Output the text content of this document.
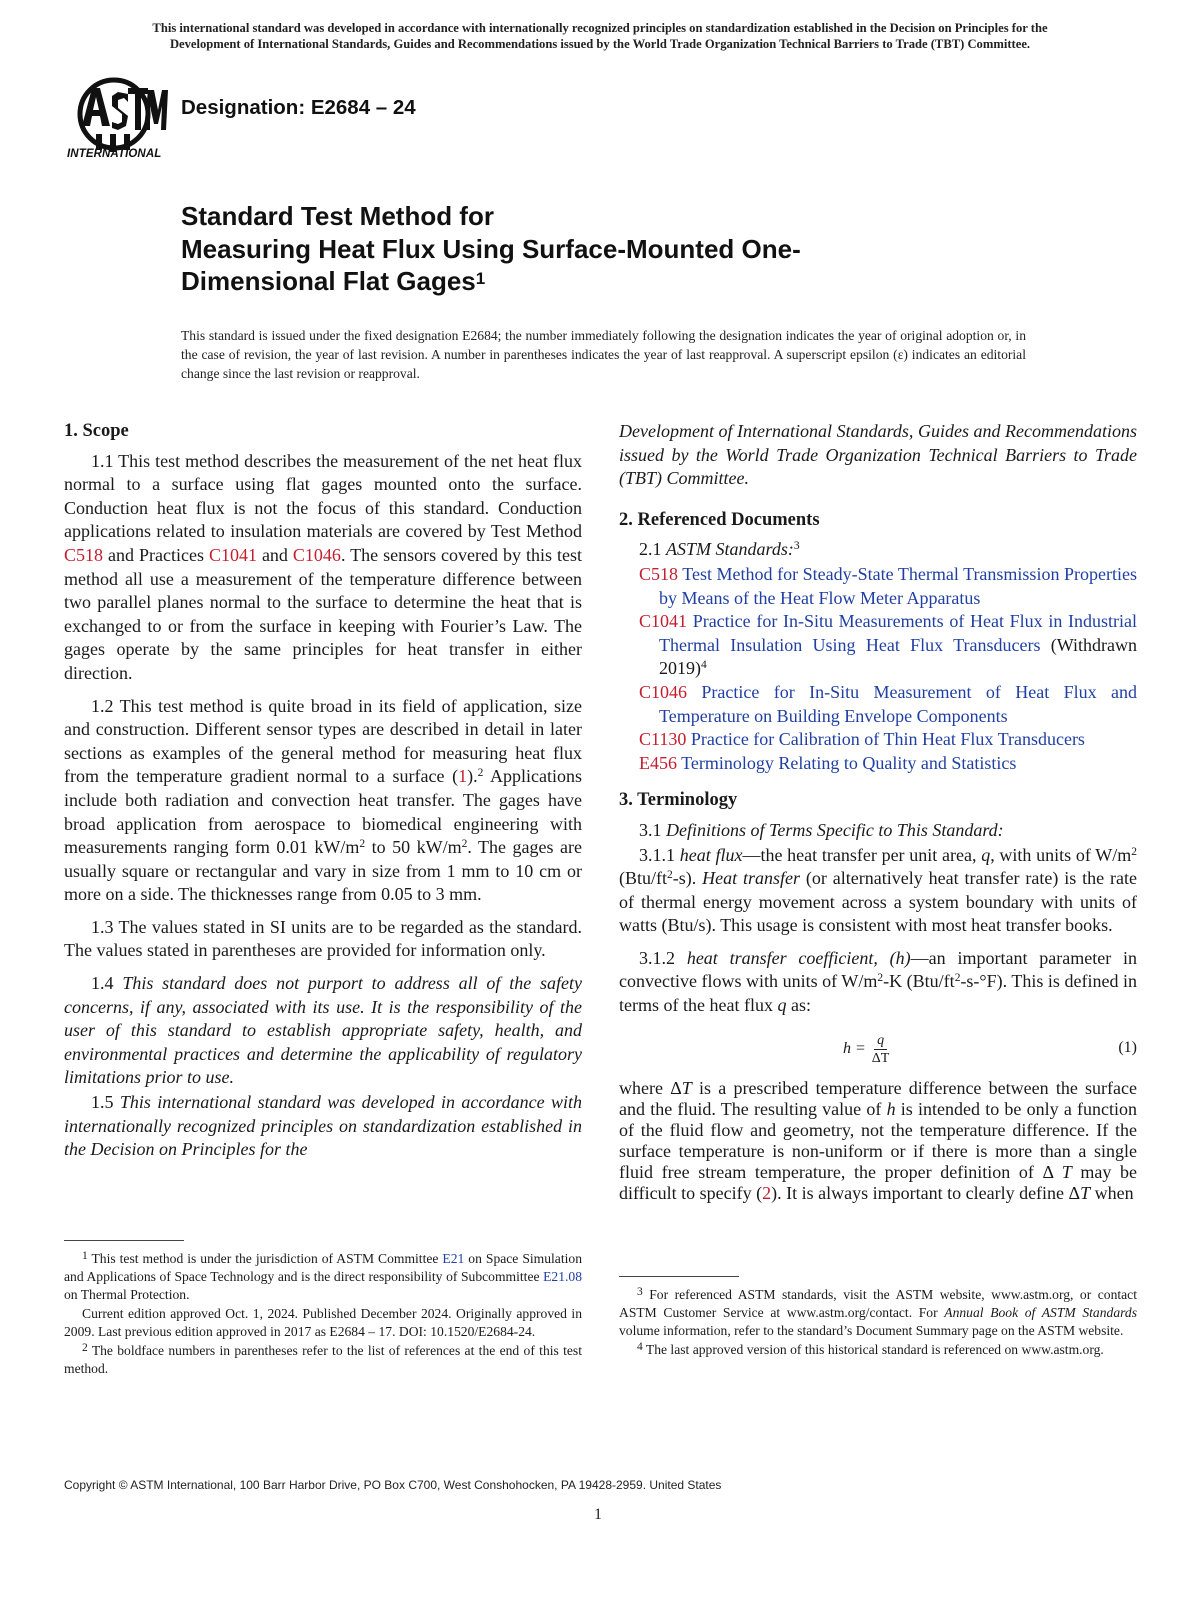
This international standard was developed in accordance with internationally recognized principles on standardization established in the Decision on Principles for the
Development of International Standards, Guides and Recommendations issued by the World Trade Organization Technical Barriers to Trade (TBT) Committee.
INTERNATIONAL
Designation: E2684 – 24
Standard Test Method for
Measuring Heat Flux Using Surface-Mounted One-
Dimensional Flat Gages$^1$
This standard is issued under the fixed designation E2684; the number immediately following the designation indicates the year of original adoption or, in the case of revision, the year of last revision. A number in parentheses indicates the year of last reapproval. A superscript epsilon (ε) indicates an editorial change since the last revision or reapproval.
1. Scope

1.1 This test method describes the measurement of the net heat flux normal to a surface using flat gages mounted onto the surface. Conduction heat flux is not the focus of this standard. Conduction applications related to insulation materials are covered by Test Method C518 and Practices C1041 and C1046. The sensors covered by this test method all use a measurement of the temperature difference between two parallel planes normal to the surface to determine the heat that is exchanged to or from the surface in keeping with Fourier’s Law. The gages operate by the same principles for heat transfer in either direction.

1.2 This test method is quite broad in its field of application, size and construction. Different sensor types are described in detail in later sections as examples of the general method for measuring heat flux from the temperature gradient normal to a surface (1).$^2$ Applications include both radiation and convection heat transfer. The gages have broad application from aerospace to biomedical engineering with measurements ranging form 0.01 $kW/m^2$ to 50 $kW/m^2$. The gages are usually square or rectangular and vary in size from 1 mm to 10 cm or more on a side. The thicknesses range from 0.05 to 3 mm.

1.3 The values stated in SI units are to be regarded as the standard. The values stated in parentheses are provided for information only.

1.4 This standard does not purport to address all of the safety concerns, if any, associated with its use. It is the responsibility of the user of this standard to establish appropriate safety, health, and environmental practices and determine the applicability of regulatory limitations prior to use.

1.5 This international standard was developed in accordance with internationally recognized principles on standardization established in the Decision on Principles for the

Development of International Standards, Guides and Recommendations issued by the World Trade Organization Technical Barriers to Trade (TBT) Committee.

2. Referenced Documents
2.1 ASTM Standards:$^3$
C518 Test Method for Steady-State Thermal Transmission Properties by Means of the Heat Flow Meter Apparatus
C1041 Practice for In-Situ Measurements of Heat Flux in Industrial Thermal Insulation Using Heat Flux Transducers (Withdrawn 2019)$^4$
C1046 Practice for In-Situ Measurement of Heat Flux and Temperature on Building Envelope Components
C1130 Practice for Calibration of Thin Heat Flux Transducers
E456 Terminology Relating to Quality and Statistics
3. Terminology
3.1 Definitions of Terms Specific to This Standard:

3.1.1 heat flux—the heat transfer per unit area, q, with units of $W/m^2$ $(Btu/ft^2-s)$. Heat transfer (or alternatively heat transfer rate) is the rate of thermal energy movement across a system boundary with units of watts (Btu/s). This usage is consistent with most heat transfer books.

3.1.2 heat transfer coefficient, (h)—an important parameter in convective flows with units of $W/m^2-K$ $(Btu/ft^2-s-^\circ F)$. This is defined in terms of the heat flux q as:

$h = \frac{q}{\Delta T}$	(1)

where ΔT is a prescribed temperature difference between the surface and the fluid. The resulting value of h is intended to be only a function of the fluid flow and geometry, not the temperature difference. If the surface temperature is non-uniform or if there is more than a single fluid free stream temperature, the proper definition of Δ T may be difficult to specify (2). It is always important to clearly define ΔT when

$^1$ This test method is under the jurisdiction of ASTM Committee E21 on Space Simulation and Applications of Space Technology and is the direct responsibility of Subcommittee E21.08 on Thermal Protection.

Current edition approved Oct. 1, 2024. Published December 2024. Originally approved in 2009. Last previous edition approved in 2017 as E2684 – 17. DOI: 10.1520/E2684-24.

$^2$ The boldface numbers in parentheses refer to the list of references at the end of this test method.

$^3$ For referenced ASTM standards, visit the ASTM website, www.astm.org, or contact ASTM Customer Service at www.astm.org/contact. For Annual Book of ASTM Standards volume information, refer to the standard’s Document Summary page on the ASTM website.

$^4$ The last approved version of this historical standard is referenced on www.astm.org.

Copyright © ASTM International, 100 Barr Harbor Drive, PO Box C700, West Conshohocken, PA 19428-2959. United States
1
